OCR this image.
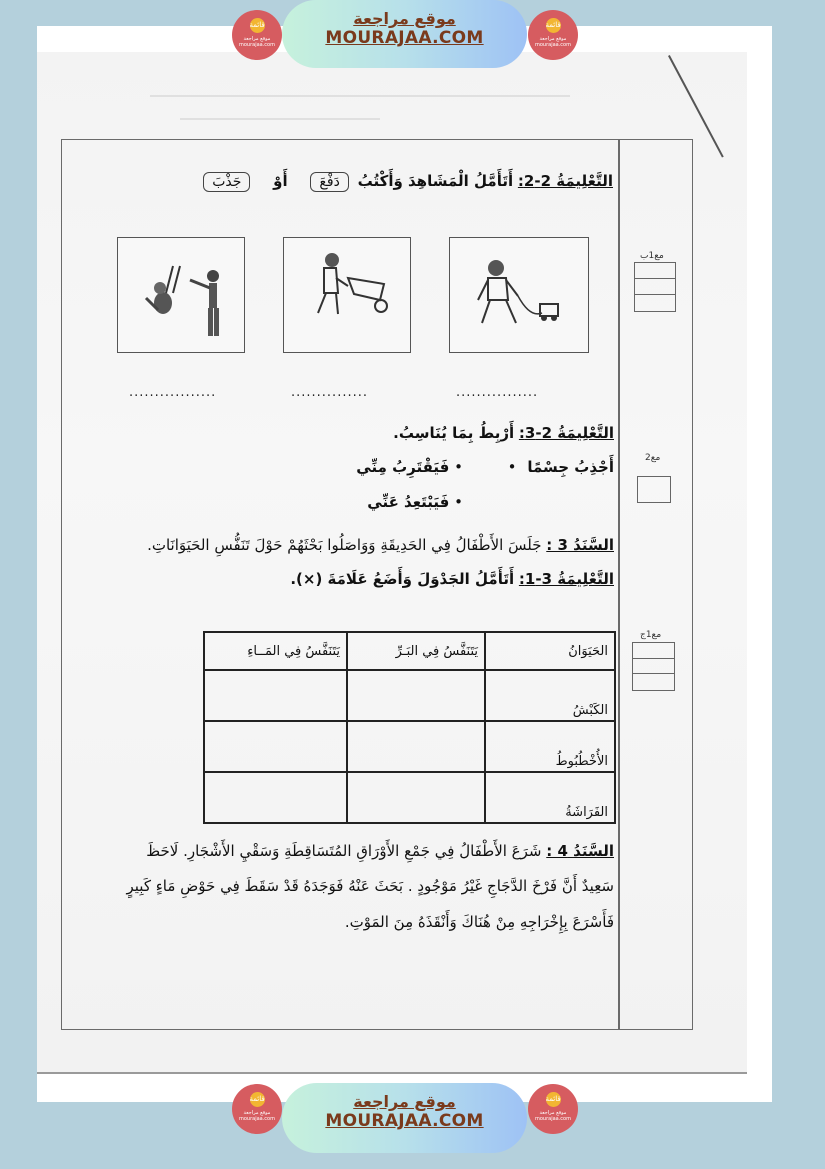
التَّعْلِيمَةُ 2-2: أَتَأَمَّلُ الْمَشَاهِدَ وَأَكْتُبُ دَفْعَ أَوْ جَذْبَ
.................	...............	................
التَّعْلِيمَةُ 2-3: أَرْبِطُ بِمَا يُنَاسِبُ.
أَجْذِبُ جِسْمًا •
• فَيَقْتَرِبُ مِنِّي
• فَيَبْتَعِدُ عَنِّي
السَّنَدُ 3 : جَلَسَ الأَطْفَالُ فِي الحَدِيقَةِ وَوَاصَلُوا بَحْثَهُمْ حَوْلَ تَنَفُّسِ الحَيَوَانَاتِ.
التَّعْلِيمَةُ 3-1: أَتَأَمَّلُ الجَدْوَلَ وَأَضَعُ عَلَامَةَ (×).
الحَيَوَانُ	يَتَنَفَّسُ فِي البَـرِّ	يَتَنَفَّسُ فِي المَــاءِ
الكَبْشُ		
الأُخْطُبُوطُ		
الفَرَاشَةُ		
السَّنَدُ 4 : شَرَعَ الأَطْفَالُ فِي جَمْعِ الأَوْرَاقِ المُتَسَاقِطَةِ وَسَقْيِ الأَشْجَارِ. لَاحَظَ
سَعِيدٌ أَنَّ فَرْخَ الدَّجَاجِ غَيْرُ مَوْجُودٍ . بَحَثَ عَنْهُ فَوَجَدَهُ قَدْ سَقَطَ فِي حَوْضِ مَاءٍ كَبِيرٍ
فَأَسْرَعَ بِإِخْرَاجِهِ مِنْ هُنَاكَ وَأَنْقَذَهُ مِنَ المَوْتِ.
مع1ب
مع2
مع1ج
قائمة
موقع مراجعة
mourajaa.com
موقع مراجعة
MOURAJAA.COM
قائمة
موقع مراجعة
mourajaa.com
قائمة
موقع مراجعة
mourajaa.com
موقع مراجعة
MOURAJAA.COM
قائمة
موقع مراجعة
mourajaa.com
